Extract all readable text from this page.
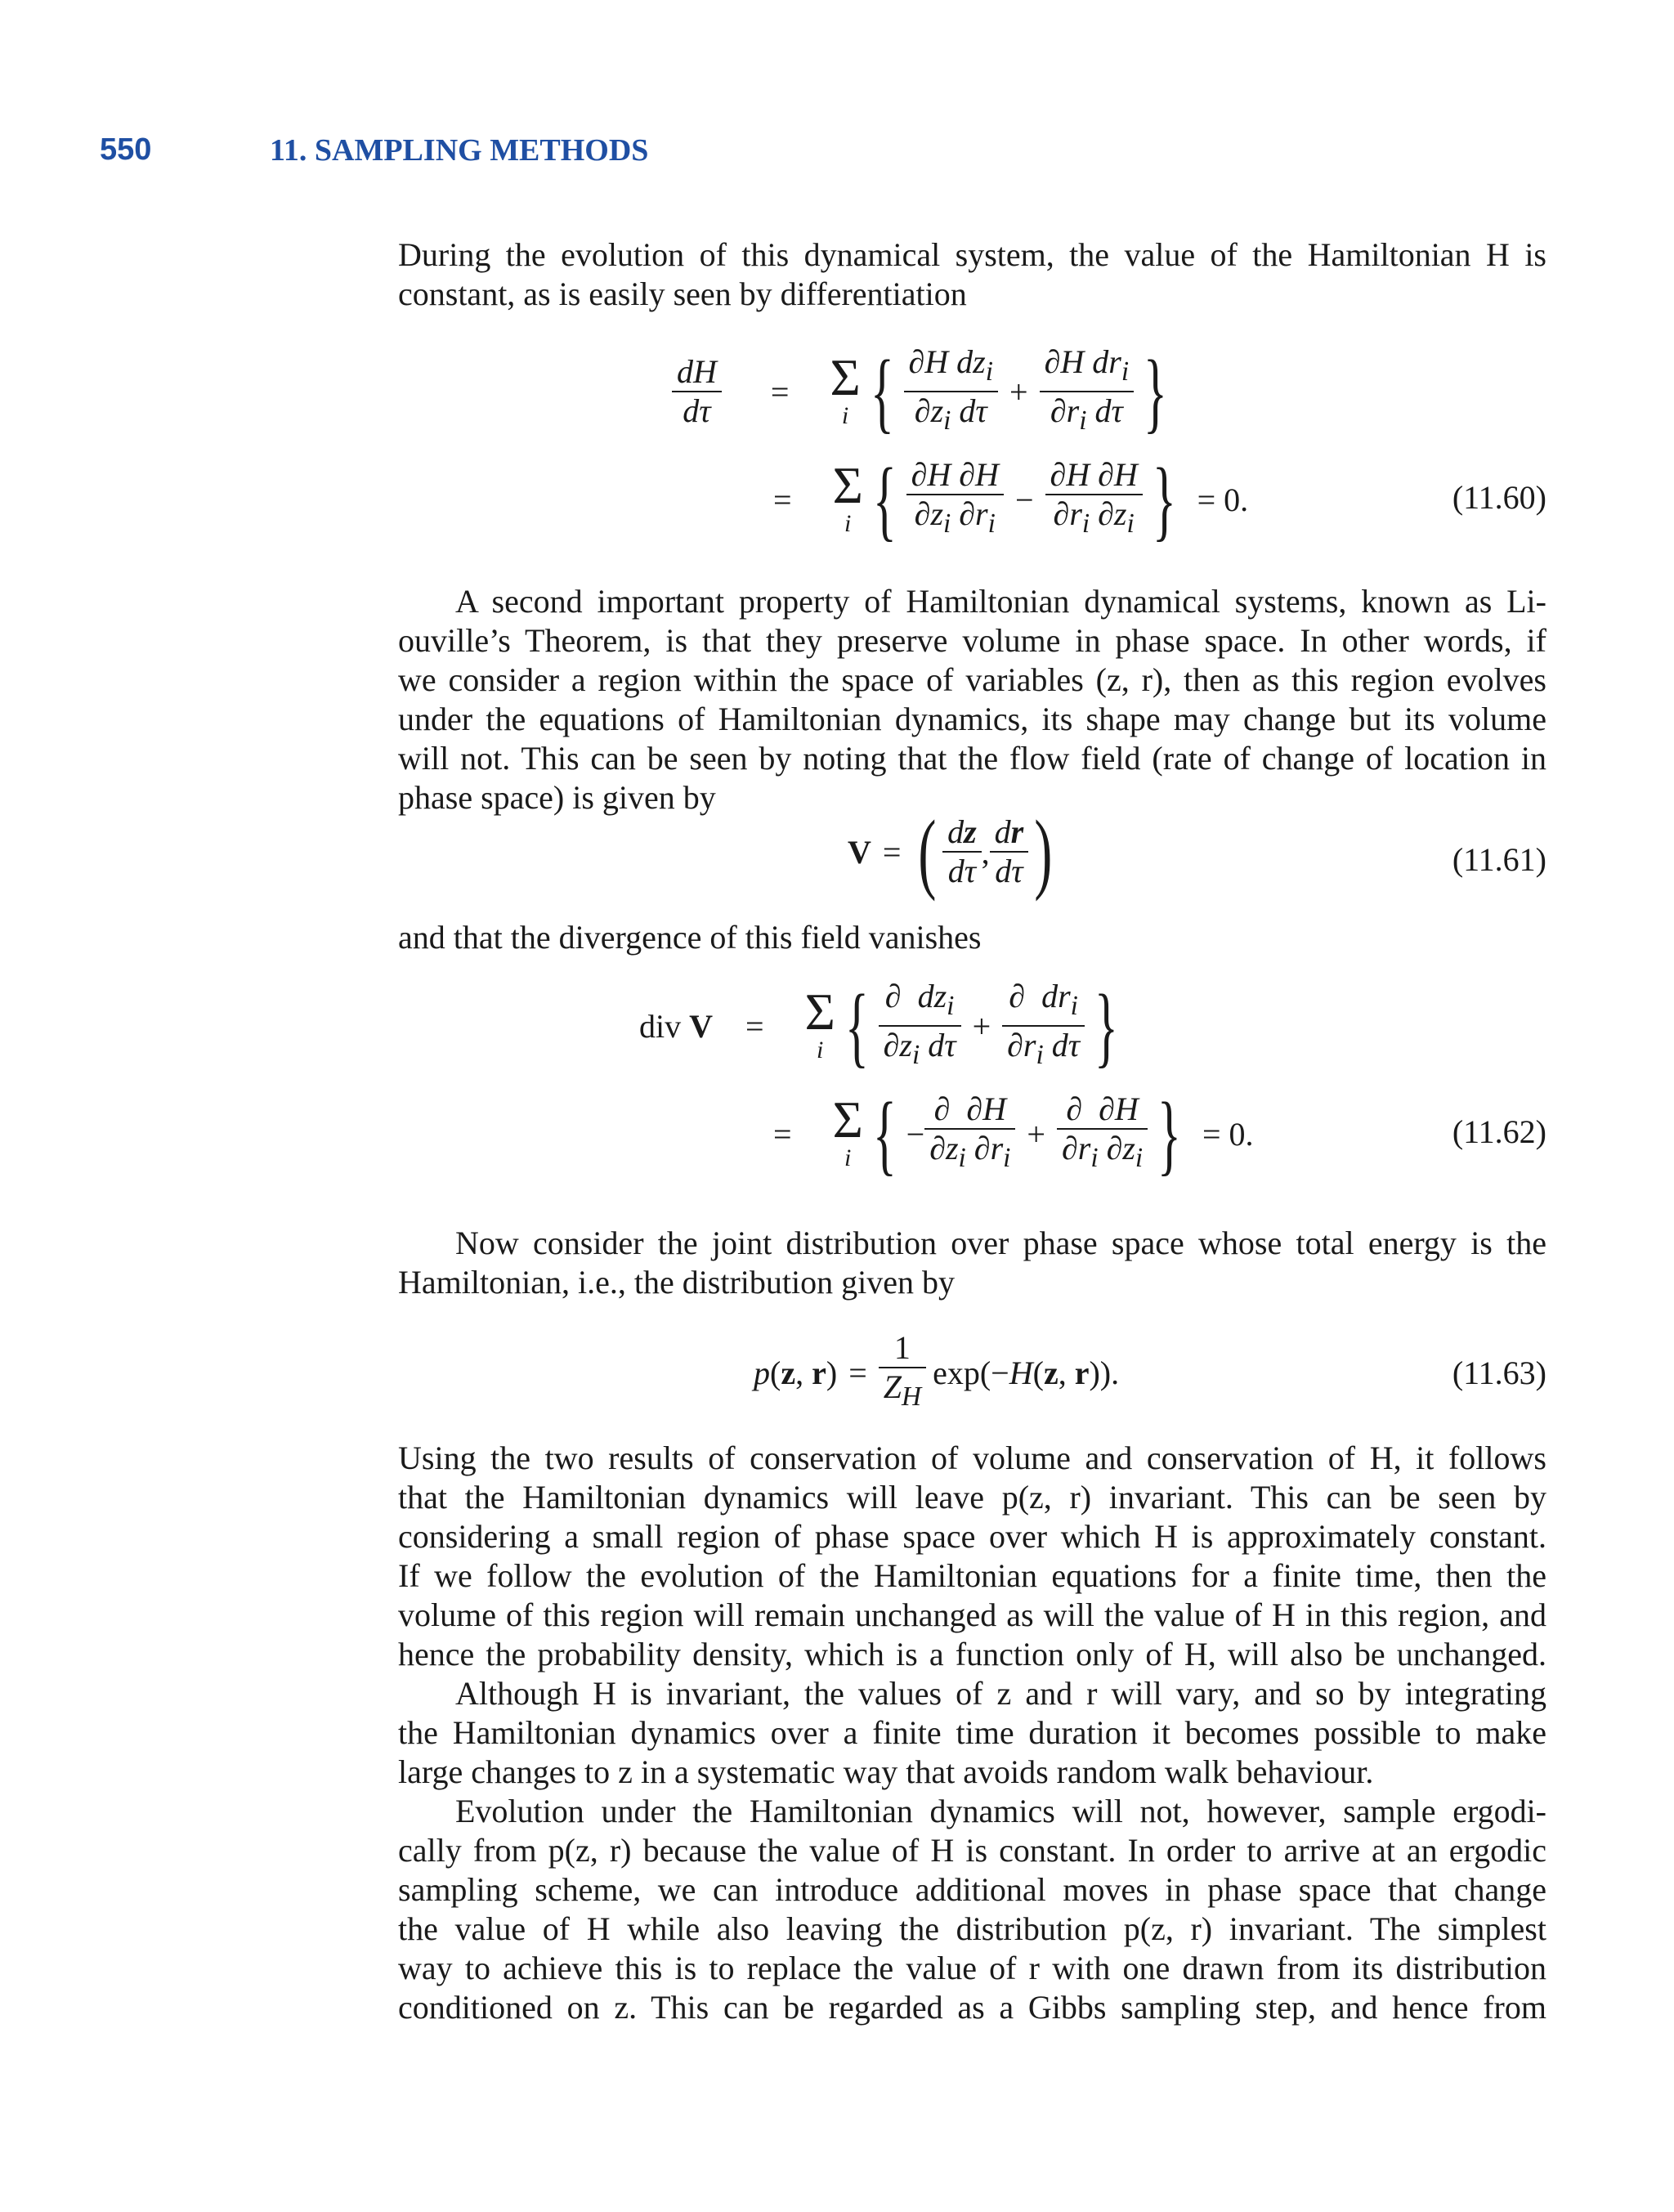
550	11. SAMPLING METHODS
During the evolution of this dynamical system, the value of the Hamiltonian H is
constant, as is easily seen by differentiation
$\frac{dH}{d\tau}$	= Σ
i { $\frac{\partial H dz_i}{\partial z_i d\tau} + \frac{\partial H dr_i}{\partial r_i d\tau}$ }
= Σ
i { $\frac{\partial H \partial H}{\partial z_i \partial r_i} - \frac{\partial H \partial H}{\partial r_i \partial z_i}$ } = 0.	(11.60)
A second important property of Hamiltonian dynamical systems, known as Li-
ouville’s Theorem, is that they preserve volume in phase space. In other words, if
we consider a region within the space of variables (z, r), then as this region evolves
under the equations of Hamiltonian dynamics, its shape may change but its volume
will not. This can be seen by noting that the flow field (rate of change of location in
phase space) is given by
V = ( $\frac{dz}{d\tau}$ , $\frac{dr}{d\tau}$ )	(11.61)
and that the divergence of this field vanishes
div V	= Σ
i { $\frac{\partial dz_i}{\partial z_i d\tau} + \frac{\partial dr_i}{\partial r_i d\tau}$ }
= Σ
i { − $\frac{\partial \partial H}{\partial z_i \partial r_i} + \frac{\partial \partial H}{\partial r_i \partial z_i}$ } = 0.	(11.62)
Now consider the joint distribution over phase space whose total energy is the
Hamiltonian, i.e., the distribution given by
p(z, $r) = \frac{1}{Z_H} \exp(-H(z$, r)).	(11.63)
Using the two results of conservation of volume and conservation of H, it follows
that the Hamiltonian dynamics will leave p(z, r) invariant. This can be seen by
considering a small region of phase space over which H is approximately constant.
If we follow the evolution of the Hamiltonian equations for a finite time, then the
volume of this region will remain unchanged as will the value of H in this region, and
hence the probability density, which is a function only of H, will also be unchanged.
Although H is invariant, the values of z and r will vary, and so by integrating
the Hamiltonian dynamics over a finite time duration it becomes possible to make
large changes to z in a systematic way that avoids random walk behaviour.
Evolution under the Hamiltonian dynamics will not, however, sample ergodi-
cally from p(z, r) because the value of H is constant. In order to arrive at an ergodic
sampling scheme, we can introduce additional moves in phase space that change
the value of H while also leaving the distribution p(z, r) invariant. The simplest
way to achieve this is to replace the value of r with one drawn from its distribution
conditioned on z. This can be regarded as a Gibbs sampling step, and hence from
